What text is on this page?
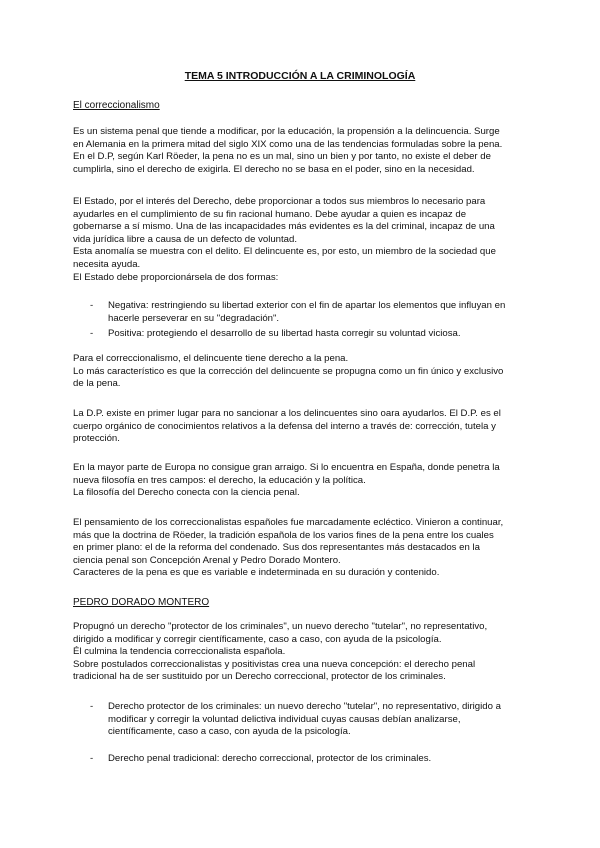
TEMA 5 INTRODUCCIÓN A LA CRIMINOLOGÍA
El correccionalismo
Es un sistema penal que tiende a modificar, por la educación, la propensión a la delincuencia. Surge
en Alemania en la primera mitad del siglo XIX como una de las tendencias formuladas sobre la pena.
En el D.P, según Karl Röeder, la pena no es un mal, sino un bien y por tanto, no existe el deber de
cumplirla, sino el derecho de exigirla. El derecho no se basa en el poder, sino en la necesidad.
El Estado, por el interés del Derecho, debe proporcionar a todos sus miembros lo necesario para
ayudarles en el cumplimiento de su fin racional humano. Debe ayudar a quien es incapaz de
gobernarse a sí mismo. Una de las incapacidades más evidentes es la del criminal, incapaz de una
vida jurídica libre a causa de un defecto de voluntad.
Esta anomalía se muestra con el delito. El delincuente es, por esto, un miembro de la sociedad que
necesita ayuda.
El Estado debe proporcionársela de dos formas:
- Negativa: restringiendo su libertad exterior con el fin de apartar los elementos que influyan en
hacerle perseverar en su "degradación".
- Positiva: protegiendo el desarrollo de su libertad hasta corregir su voluntad viciosa.
Para el correccionalismo, el delincuente tiene derecho a la pena.
Lo más característico es que la corrección del delincuente se propugna como un fin único y exclusivo
de la pena.
La D.P. existe en primer lugar para no sancionar a los delincuentes sino oara ayudarlos. El D.P. es el
cuerpo orgánico de conocimientos relativos a la defensa del interno a través de: corrección, tutela y
protección.
En la mayor parte de Europa no consigue gran arraigo. Si lo encuentra en España, donde penetra la
nueva filosofía en tres campos: el derecho, la educación y la política.
La filosofía del Derecho conecta con la ciencia penal.
El pensamiento de los correccionalistas españoles fue marcadamente ecléctico. Vinieron a continuar,
más que la doctrina de Röeder, la tradición española de los varios fines de la pena entre los cuales
en primer plano: el de la reforma del condenado. Sus dos representantes más destacados en la
ciencia penal son Concepción Arenal y Pedro Dorado Montero.
Caracteres de la pena es que es variable e indeterminada en su duración y contenido.
PEDRO DORADO MONTERO
Propugnó un derecho "protector de los criminales", un nuevo derecho "tutelar", no representativo,
dirigido a modificar y corregir científicamente, caso a caso, con ayuda de la psicología.
Él culmina la tendencia correccionalista española.
Sobre postulados correccionalistas y positivistas crea una nueva concepción: el derecho penal
tradicional ha de ser sustituido por un Derecho correccional, protector de los criminales.
- Derecho protector de los criminales: un nuevo derecho "tutelar", no representativo, dirigido a
modificar y corregir la voluntad delictiva individual cuyas causas debían analizarse,
científicamente, caso a caso, con ayuda de la psicología.
- Derecho penal tradicional: derecho correccional, protector de los criminales.
